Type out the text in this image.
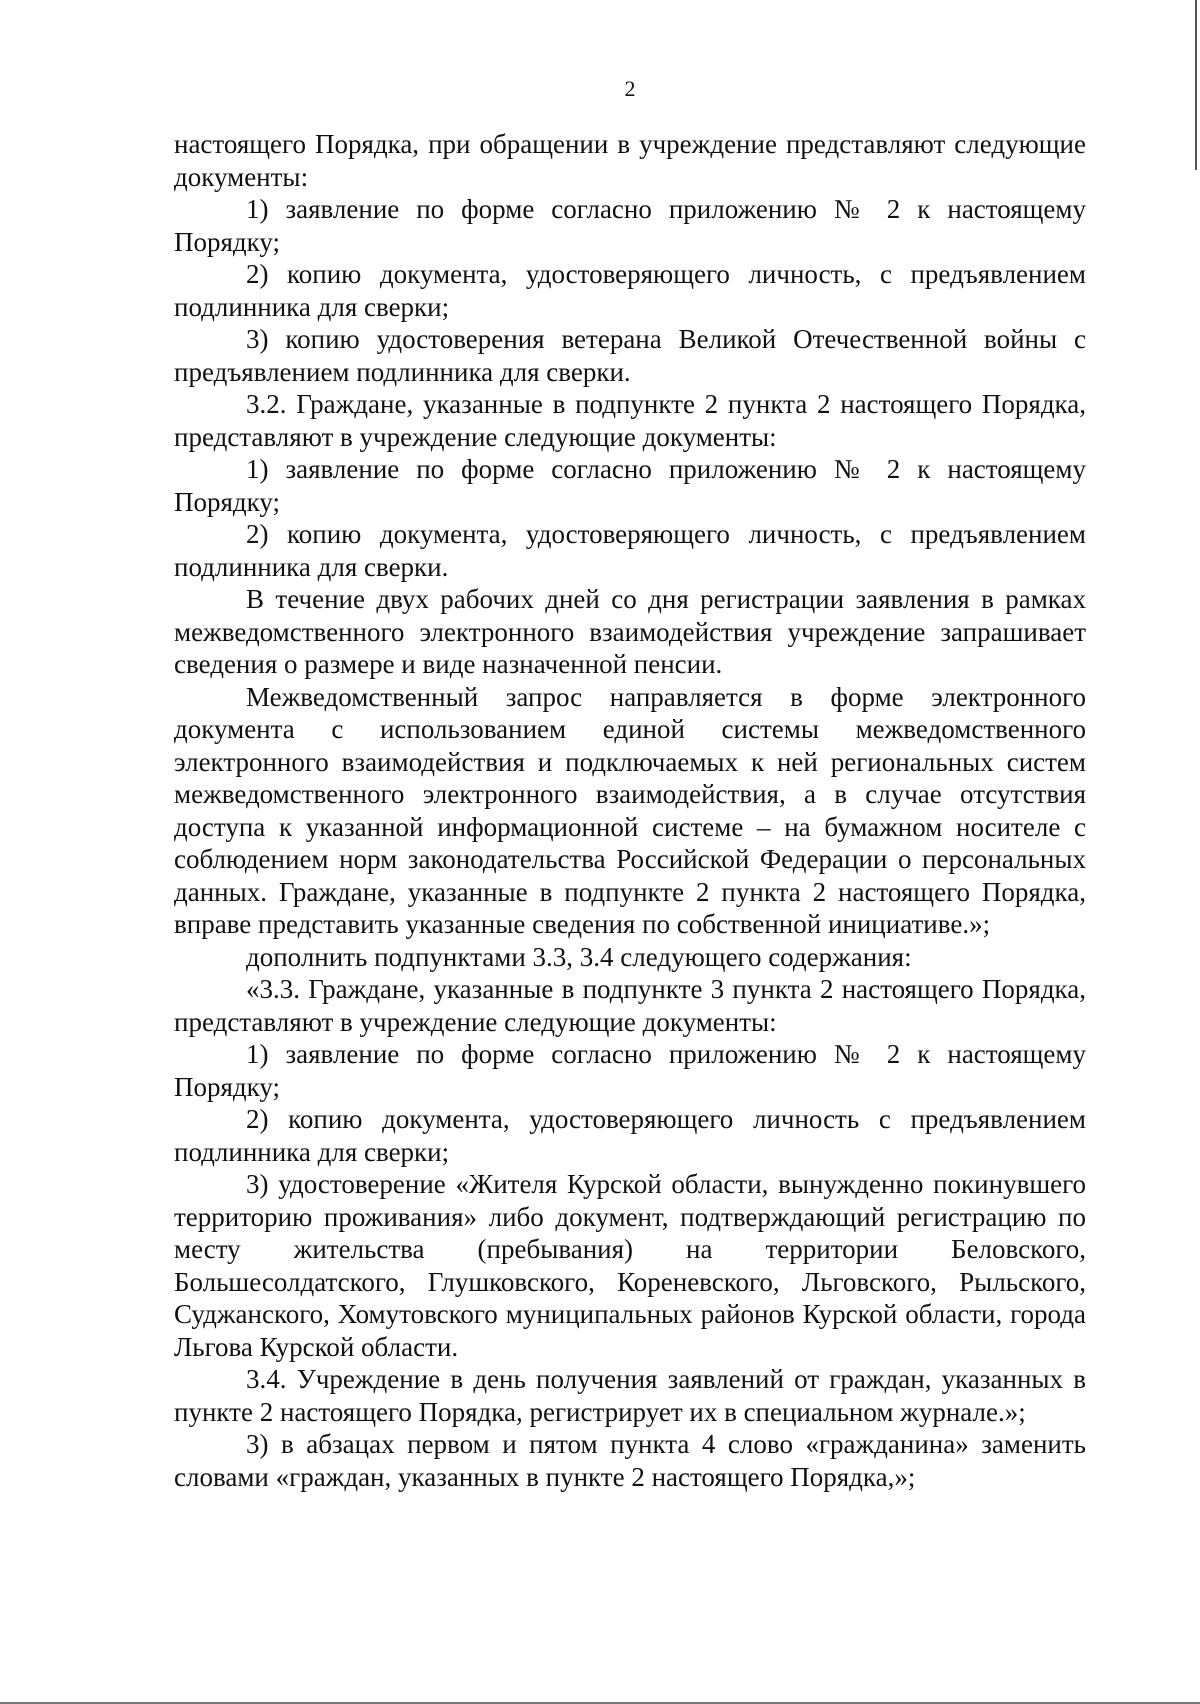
2

настоящего Порядка, при обращении в учреждение представляют следующие документы:

1) заявление по форме согласно приложению № 2 к настоящему Порядку;

2) копию документа, удостоверяющего личность, с предъявлением подлинника для сверки;

3) копию удостоверения ветерана Великой Отечественной войны с предъявлением подлинника для сверки.

3.2. Граждане, указанные в подпункте 2 пункта 2 настоящего Порядка, представляют в учреждение следующие документы:

1) заявление по форме согласно приложению № 2 к настоящему Порядку;

2) копию документа, удостоверяющего личность, с предъявлением подлинника для сверки.

В течение двух рабочих дней со дня регистрации заявления в рамках межведомственного электронного взаимодействия учреждение запрашивает сведения о размере и виде назначенной пенсии.

Межведомственный запрос направляется в форме электронного документа с использованием единой системы межведомственного электронного взаимодействия и подключаемых к ней региональных систем межведомственного электронного взаимодействия, а в случае отсутствия доступа к указанной информационной системе – на бумажном носителе с соблюдением норм законодательства Российской Федерации о персональных данных. Граждане, указанные в подпункте 2 пункта 2 настоящего Порядка, вправе представить указанные сведения по собственной инициативе.»;

дополнить подпунктами 3.3, 3.4 следующего содержания:

«3.3. Граждане, указанные в подпункте 3 пункта 2 настоящего Порядка, представляют в учреждение следующие документы:

1) заявление по форме согласно приложению № 2 к настоящему Порядку;

2) копию документа, удостоверяющего личность с предъявлением подлинника для сверки;

3) удостоверение «Жителя Курской области, вынужденно покинувшего территорию проживания» либо документ, подтверждающий регистрацию по месту жительства (пребывания) на территории Беловского, Большесолдатского, Глушковского, Кореневского, Льговского, Рыльского, Суджанского, Хомутовского муниципальных районов Курской области, города Льгова Курской области.

3.4. Учреждение в день получения заявлений от граждан, указанных в пункте 2 настоящего Порядка, регистрирует их в специальном журнале.»;

3) в абзацах первом и пятом пункта 4 слово «гражданина» заменить словами «граждан, указанных в пункте 2 настоящего Порядка,»;
